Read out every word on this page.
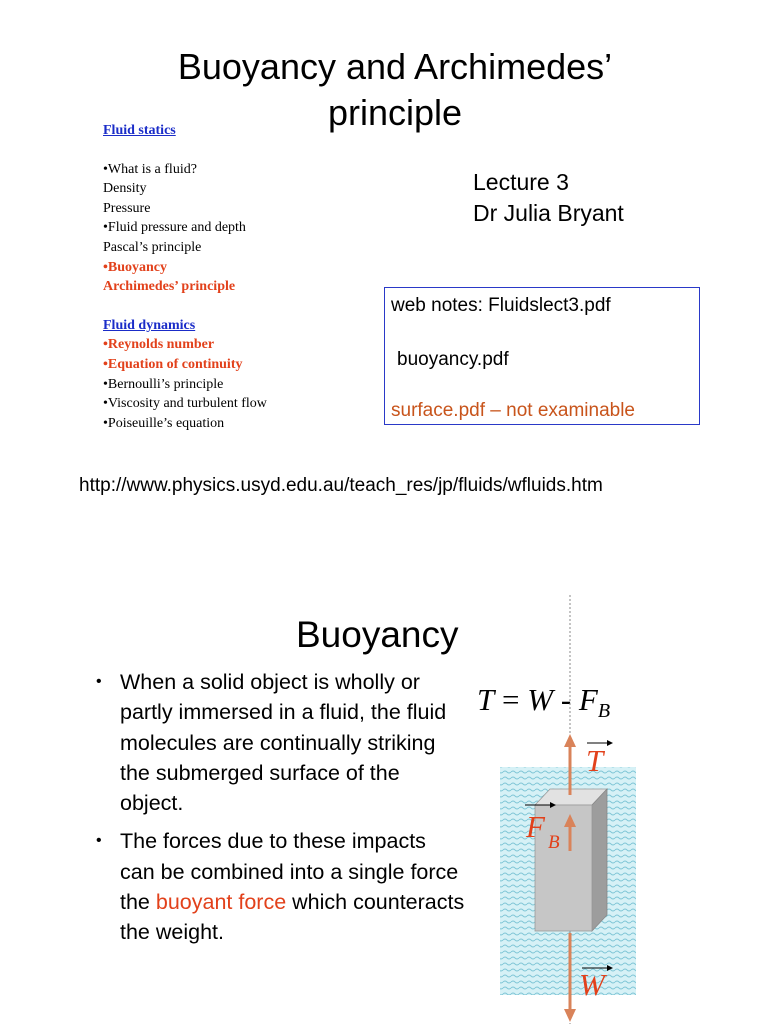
Buoyancy and Archimedes’
principle
Fluid statics
•What is a fluid?
Density
Pressure
•Fluid pressure and depth
Pascal’s principle
•Buoyancy
Archimedes’ principle
Fluid dynamics
•Reynolds number
•Equation of continuity
•Bernoulli’s principle
•Viscosity and turbulent flow
•Poiseuille’s equation
Lecture 3
Dr Julia Bryant
web notes: Fluidslect3.pdf
buoyancy.pdf
surface.pdf – not examinable
http://www.physics.usyd.edu.au/teach_res/jp/fluids/wfluids.htm
Buoyancy
• When a solid object is wholly or partly immersed in a fluid, the fluid molecules are continually striking the submerged surface of the object.
• The forces due to these impacts can be combined into a single force the buoyant force which counteracts the weight.
$T = W - F_B$
T
F B
W
